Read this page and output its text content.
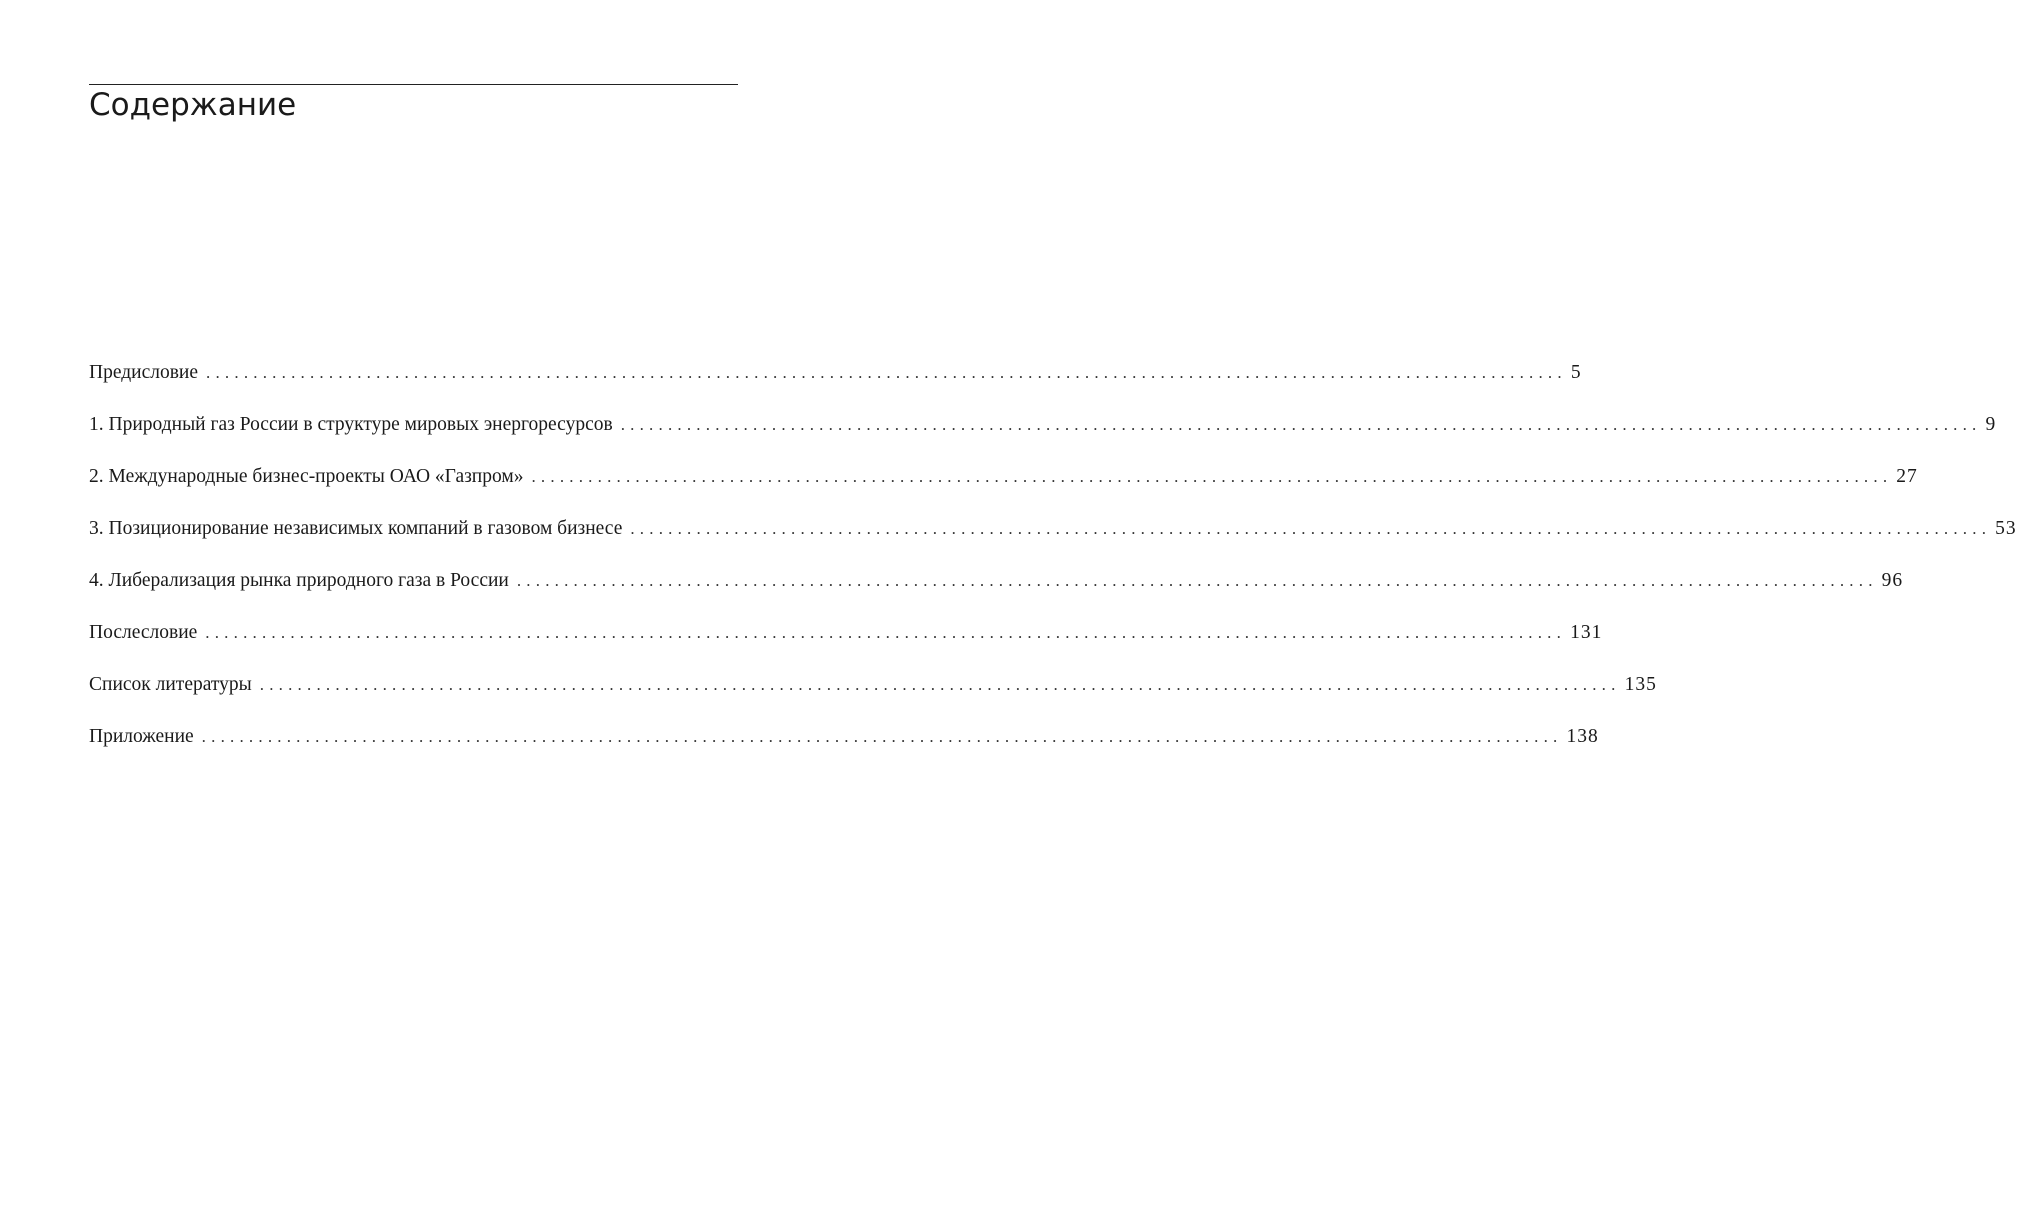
Содержание
Предисловие ................................................................................................................................................ 5
1. Природный газ России в структуре мировых энергоресурсов ................................................................................................................................................ 9
2. Международные бизнес-проекты ОАО «Газпром» ................................................................................................................................................ 27
3. Позиционирование независимых компаний в газовом бизнесе ................................................................................................................................................ 53
4. Либерализация рынка природного газа в России ................................................................................................................................................ 96
Послесловие ................................................................................................................................................ 131
Список литературы ................................................................................................................................................ 135
Приложение ................................................................................................................................................ 138
